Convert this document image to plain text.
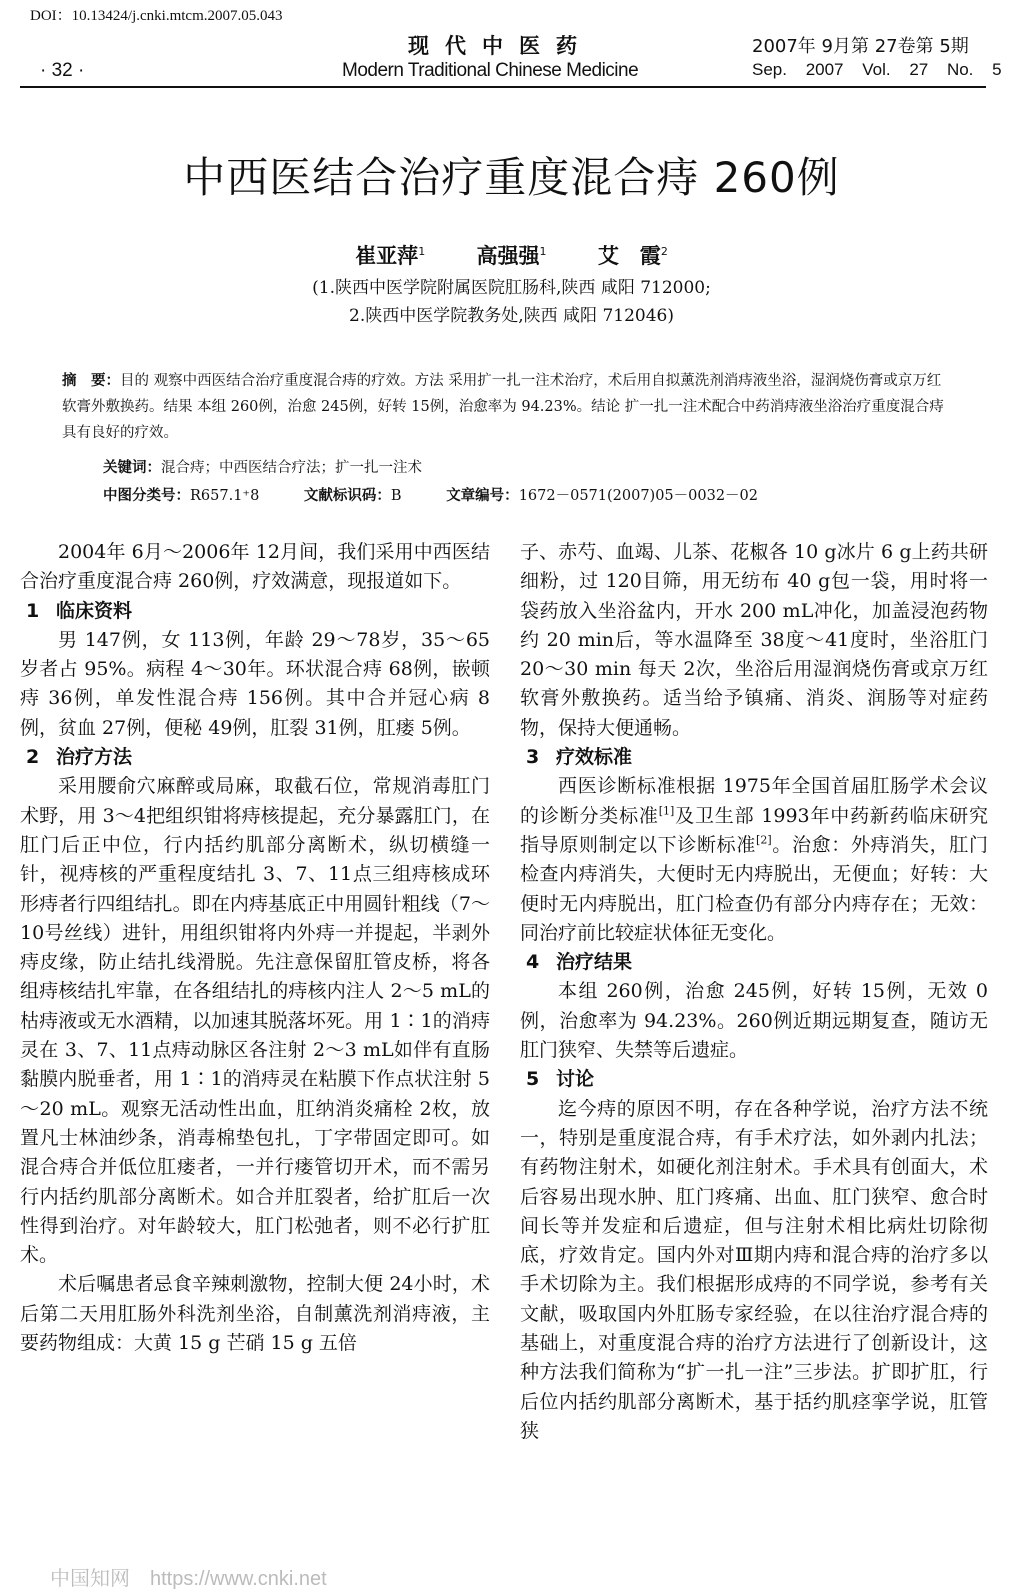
DOI：10.13424/j.cnki.mtcm.2007.05.043
现代中医药	2007年 9月第 27卷第 5期
· 32 ·	Modern Traditional Chinese Medicine	Sep. 2007 Vol. 27 No. 5
中西医结合治疗重度混合痔 260例
崔亚萍$^1$ 高强强$^1$ 艾　霞$^2$
(1.陕西中医学院附属医院肛肠科,陕西 咸阳 712000;
2.陕西中医学院教务处,陕西 咸阳 712046)
摘　要：目的 观察中西医结合治疗重度混合痔的疗效。方法 采用扩一扎一注术治疗，术后用自拟薰洗剂消痔液坐浴，湿润烧伤膏或京万红软膏外敷换药。结果 本组 260例，治愈 245例，好转 15例，治愈率为 94.23%。结论 扩一扎一注术配合中药消痔液坐浴治疗重度混合痔具有良好的疗效。
关键词：混合痔；中西医结合疗法；扩一扎一注术
中图分类号：R657.1⁺8	文献标识码：B	文章编号：1672－0571(2007)05－0032－02

2004年 6月～2006年 12月间，我们采用中西医结合治疗重度混合痔 260例，疗效满意，现报道如下。

1 临床资料

男 147例，女 113例，年龄 29～78岁，35～65岁者占 95%。病程 4～30年。环状混合痔 68例，嵌顿痔 36例，单发性混合痔 156例。其中合并冠心病 8例，贫血 27例，便秘 49例，肛裂 31例，肛瘘 5例。

2 治疗方法

采用腰俞穴麻醉或局麻，取截石位，常规消毒肛门术野，用 3～4把组织钳将痔核提起，充分暴露肛门，在肛门后正中位，行内括约肌部分离断术，纵切横缝一针，视痔核的严重程度结扎 3、7、11点三组痔核成环形痔者行四组结扎。即在内痔基底正中用圆针粗线（7～10号丝线）进针，用组织钳将内外痔一并提起，半剥外痔皮缘，防止结扎线滑脱。先注意保留肛管皮桥，将各组痔核结扎牢靠，在各组结扎的痔核内注人 2～5 mL的枯痔液或无水酒精，以加速其脱落坏死。用 1∶1的消痔灵在 3、7、11点痔动脉区各注射 2～3 mL如伴有直肠黏膜内脱垂者，用 1∶1的消痔灵在粘膜下作点状注射 5～20 mL。观察无活动性出血，肛纳消炎痛栓 2枚，放置凡士林油纱条，消毒棉垫包扎，丁字带固定即可。如混合痔合并低位肛瘘者，一并行瘘管切开术，而不需另行内括约肌部分离断术。如合并肛裂者，给扩肛后一次性得到治疗。对年龄较大，肛门松弛者，则不必行扩肛术。

术后嘱患者忌食辛辣刺激物，控制大便 24小时，术后第二天用肛肠外科洗剂坐浴，自制薰洗剂消痔液，主要药物组成：大黄 15 g 芒硝 15 g 五倍

子、赤芍、血竭、儿茶、花椒各 10 g冰片 6 g上药共研细粉，过 120目筛，用无纺布 40 g包一袋，用时将一袋药放入坐浴盆内，开水 200 mL冲化，加盖浸泡药物约 20 min后，等水温降至 38度～41度时，坐浴肛门 20～30 min 每天 2次，坐浴后用湿润烧伤膏或京万红软膏外敷换药。适当给予镇痛、消炎、润肠等对症药物，保持大便通畅。

3 疗效标准

西医诊断标准根据 1975年全国首届肛肠学术会议的诊断分类标准[1]及卫生部 1993年中药新药临床研究指导原则制定以下诊断标准[2]。治愈：外痔消失，肛门检查内痔消失，大便时无内痔脱出，无便血；好转：大便时无内痔脱出，肛门检查仍有部分内痔存在；无效：同治疗前比较症状体征无变化。

4 治疗结果

本组 260例，治愈 245例，好转 15例，无效 0例，治愈率为 94.23%。260例近期远期复查，随访无肛门狭窄、失禁等后遗症。

5 讨论

迄今痔的原因不明，存在各种学说，治疗方法不统一，特别是重度混合痔，有手术疗法，如外剥内扎法；有药物注射术，如硬化剂注射术。手术具有创面大，术后容易出现水肿、肛门疼痛、出血、肛门狭窄、愈合时间长等并发症和后遗症，但与注射术相比病灶切除彻底，疗效肯定。国内外对Ⅲ期内痔和混合痔的治疗多以手术切除为主。我们根据形成痔的不同学说，参考有关文献，吸取国内外肛肠专家经验，在以往治疗混合痔的基础上，对重度混合痔的治疗方法进行了创新设计，这种方法我们简称为“扩一扎一注”三步法。扩即扩肛，行后位内括约肌部分离断术，基于括约肌痉挛学说，肛管狭

中国知网　https://www.cnki.net
